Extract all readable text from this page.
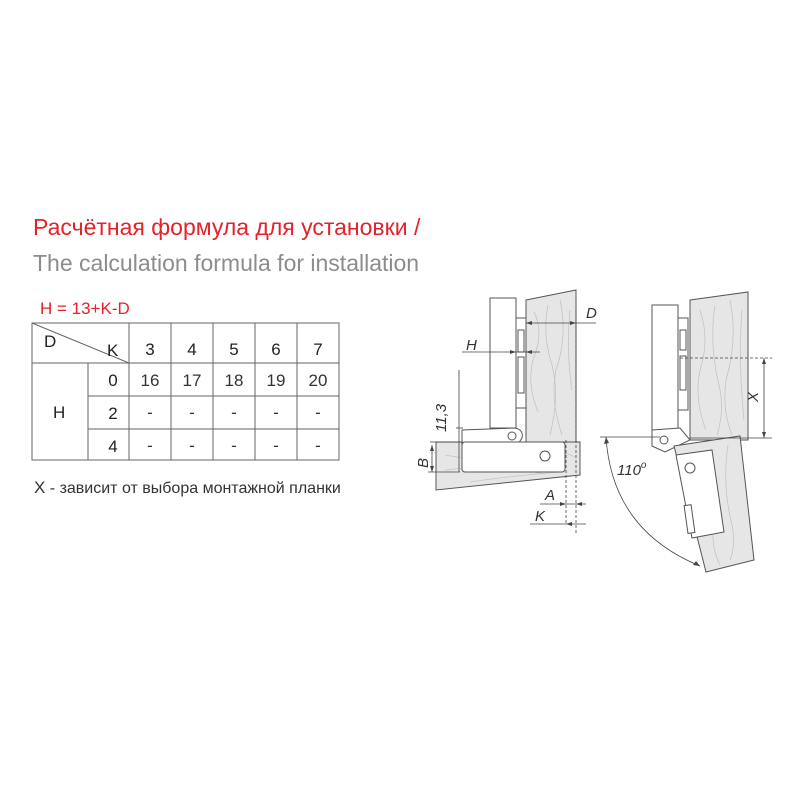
Расчётная формула для установки /
The calculation formula for installation
H = 13+K-D
D	K
H
3 4 5 6 7
0
2
4
16 17 18 19 20
- - - - -
- - - - -
D
H
11,3
B
A
K
X
110$^o$
X - зависит от выбора монтажной планки
